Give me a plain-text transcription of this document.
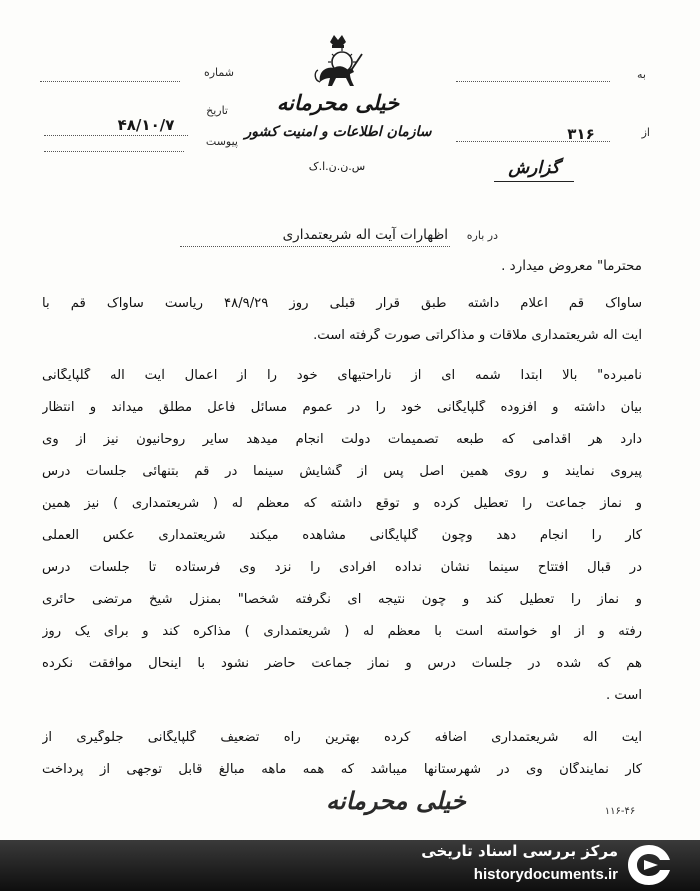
شماره
تاریخ
۴۸/۱۰/۷
پیوست
خیلی محرمانه
سازمان اطلاعات و امنیت کشور
س.ن.ن.ا.ک
به
۳۱۶	از
گزارش
در باره
اظهارات آیت اله شریعتمداری
محترما" معروض میدارد .
ساواک قم اعلام داشته طبق قرار قبلی روز ۴۸/۹/۲۹ ریاست ساواک قم با
آیت اله شریعتمداری ملاقات و مذاکراتی صورت گرفته است.
نامبرده" بالا ابتدا شمه ای از ناراحتیهای خود را از اعمال آیت اله گلپایگانی
بیان داشته و افزوده گلپایگانی خود را در عموم مسائل فاعل مطلق میداند و انتظار
دارد هر اقدامی که طبعه تصمیمات دولت انجام میدهد سایر روحانیون نیز از وی
پیروی نمایند و روی همین اصل پس از گشایش سینما در قم بتنهائی جلسات درس
و نماز جماعت را تعطیل کرده و توقع داشته که معظم له ( شریعتمداری ) نیز همین
کار را انجام دهد وچون گلپایگانی مشاهده میکند شریعتمداری عکس العملی
در قبال افتتاح سینما نشان نداده افرادی را نزد وی فرستاده تا جلسات درس
و نماز را تعطیل کند و چون نتیجه ای نگرفته شخصا" بمنزل شیخ مرتضی حائری
رفته و از او خواسته است با معظم له ( شریعتمداری ) مذاکره کند و برای یک روز
هم که شده در جلسات درس و نماز جماعت حاضر نشود با اینحال موافقت نکرده
است .
آیت اله شریعتمداری اضافه کرده بهترین راه تضعیف گلپایگانی جلوگیری از
کار نمایندگان وی در شهرستانها میباشد که همه ماهه مبالغ قابل توجهی از پرداخت
خیلی محرمانه	۱۱۶-۴۶
مرکز بررسی اسناد تاریخی
historydocuments.ir
